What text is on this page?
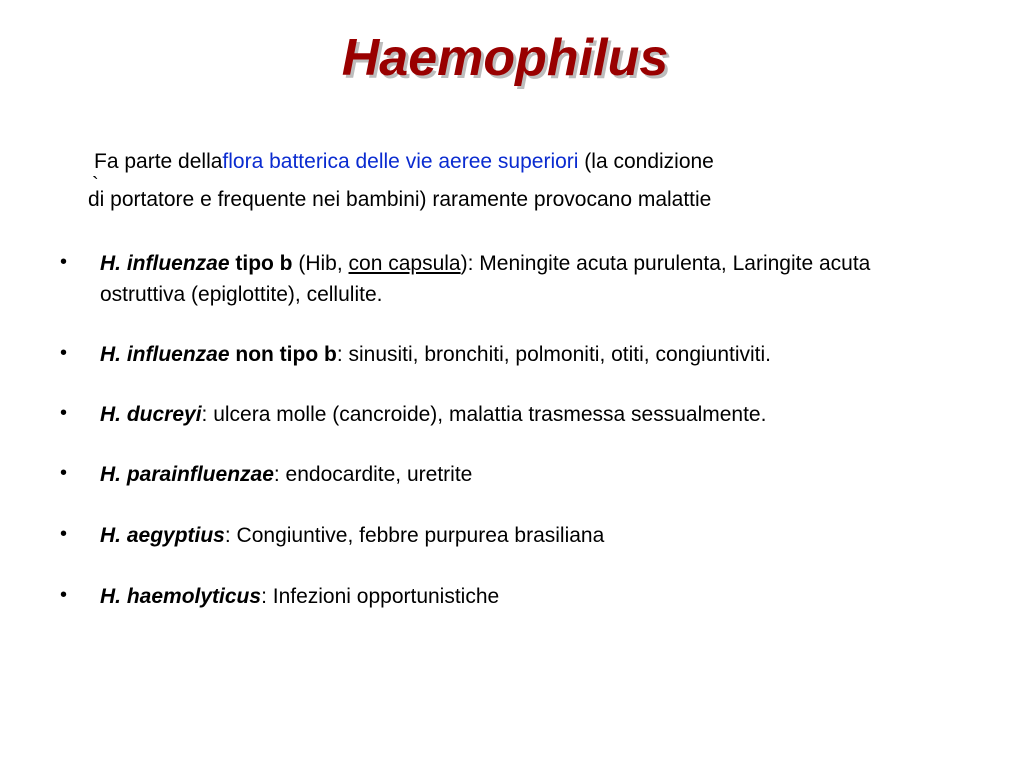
Haemophilus
Fa parte dellaflora batterica delle vie aeree superiori (la condizione
di portatore e ` frequente nei bambini) raramente provocano malattie
• H. influenzae tipo b (Hib, con capsula): Meningite acuta purulenta, Laringite acuta ostruttiva (epiglottite), cellulite.
• H. influenzae non tipo b: sinusiti, bronchiti, polmoniti, otiti, congiuntiviti.
• H. ducreyi: ulcera molle (cancroide), malattia trasmessa sessualmente.
• H. parainfluenzae: endocardite, uretrite
• H. aegyptius: Congiuntive, febbre purpurea brasiliana
• H. haemolyticus: Infezioni opportunistiche
